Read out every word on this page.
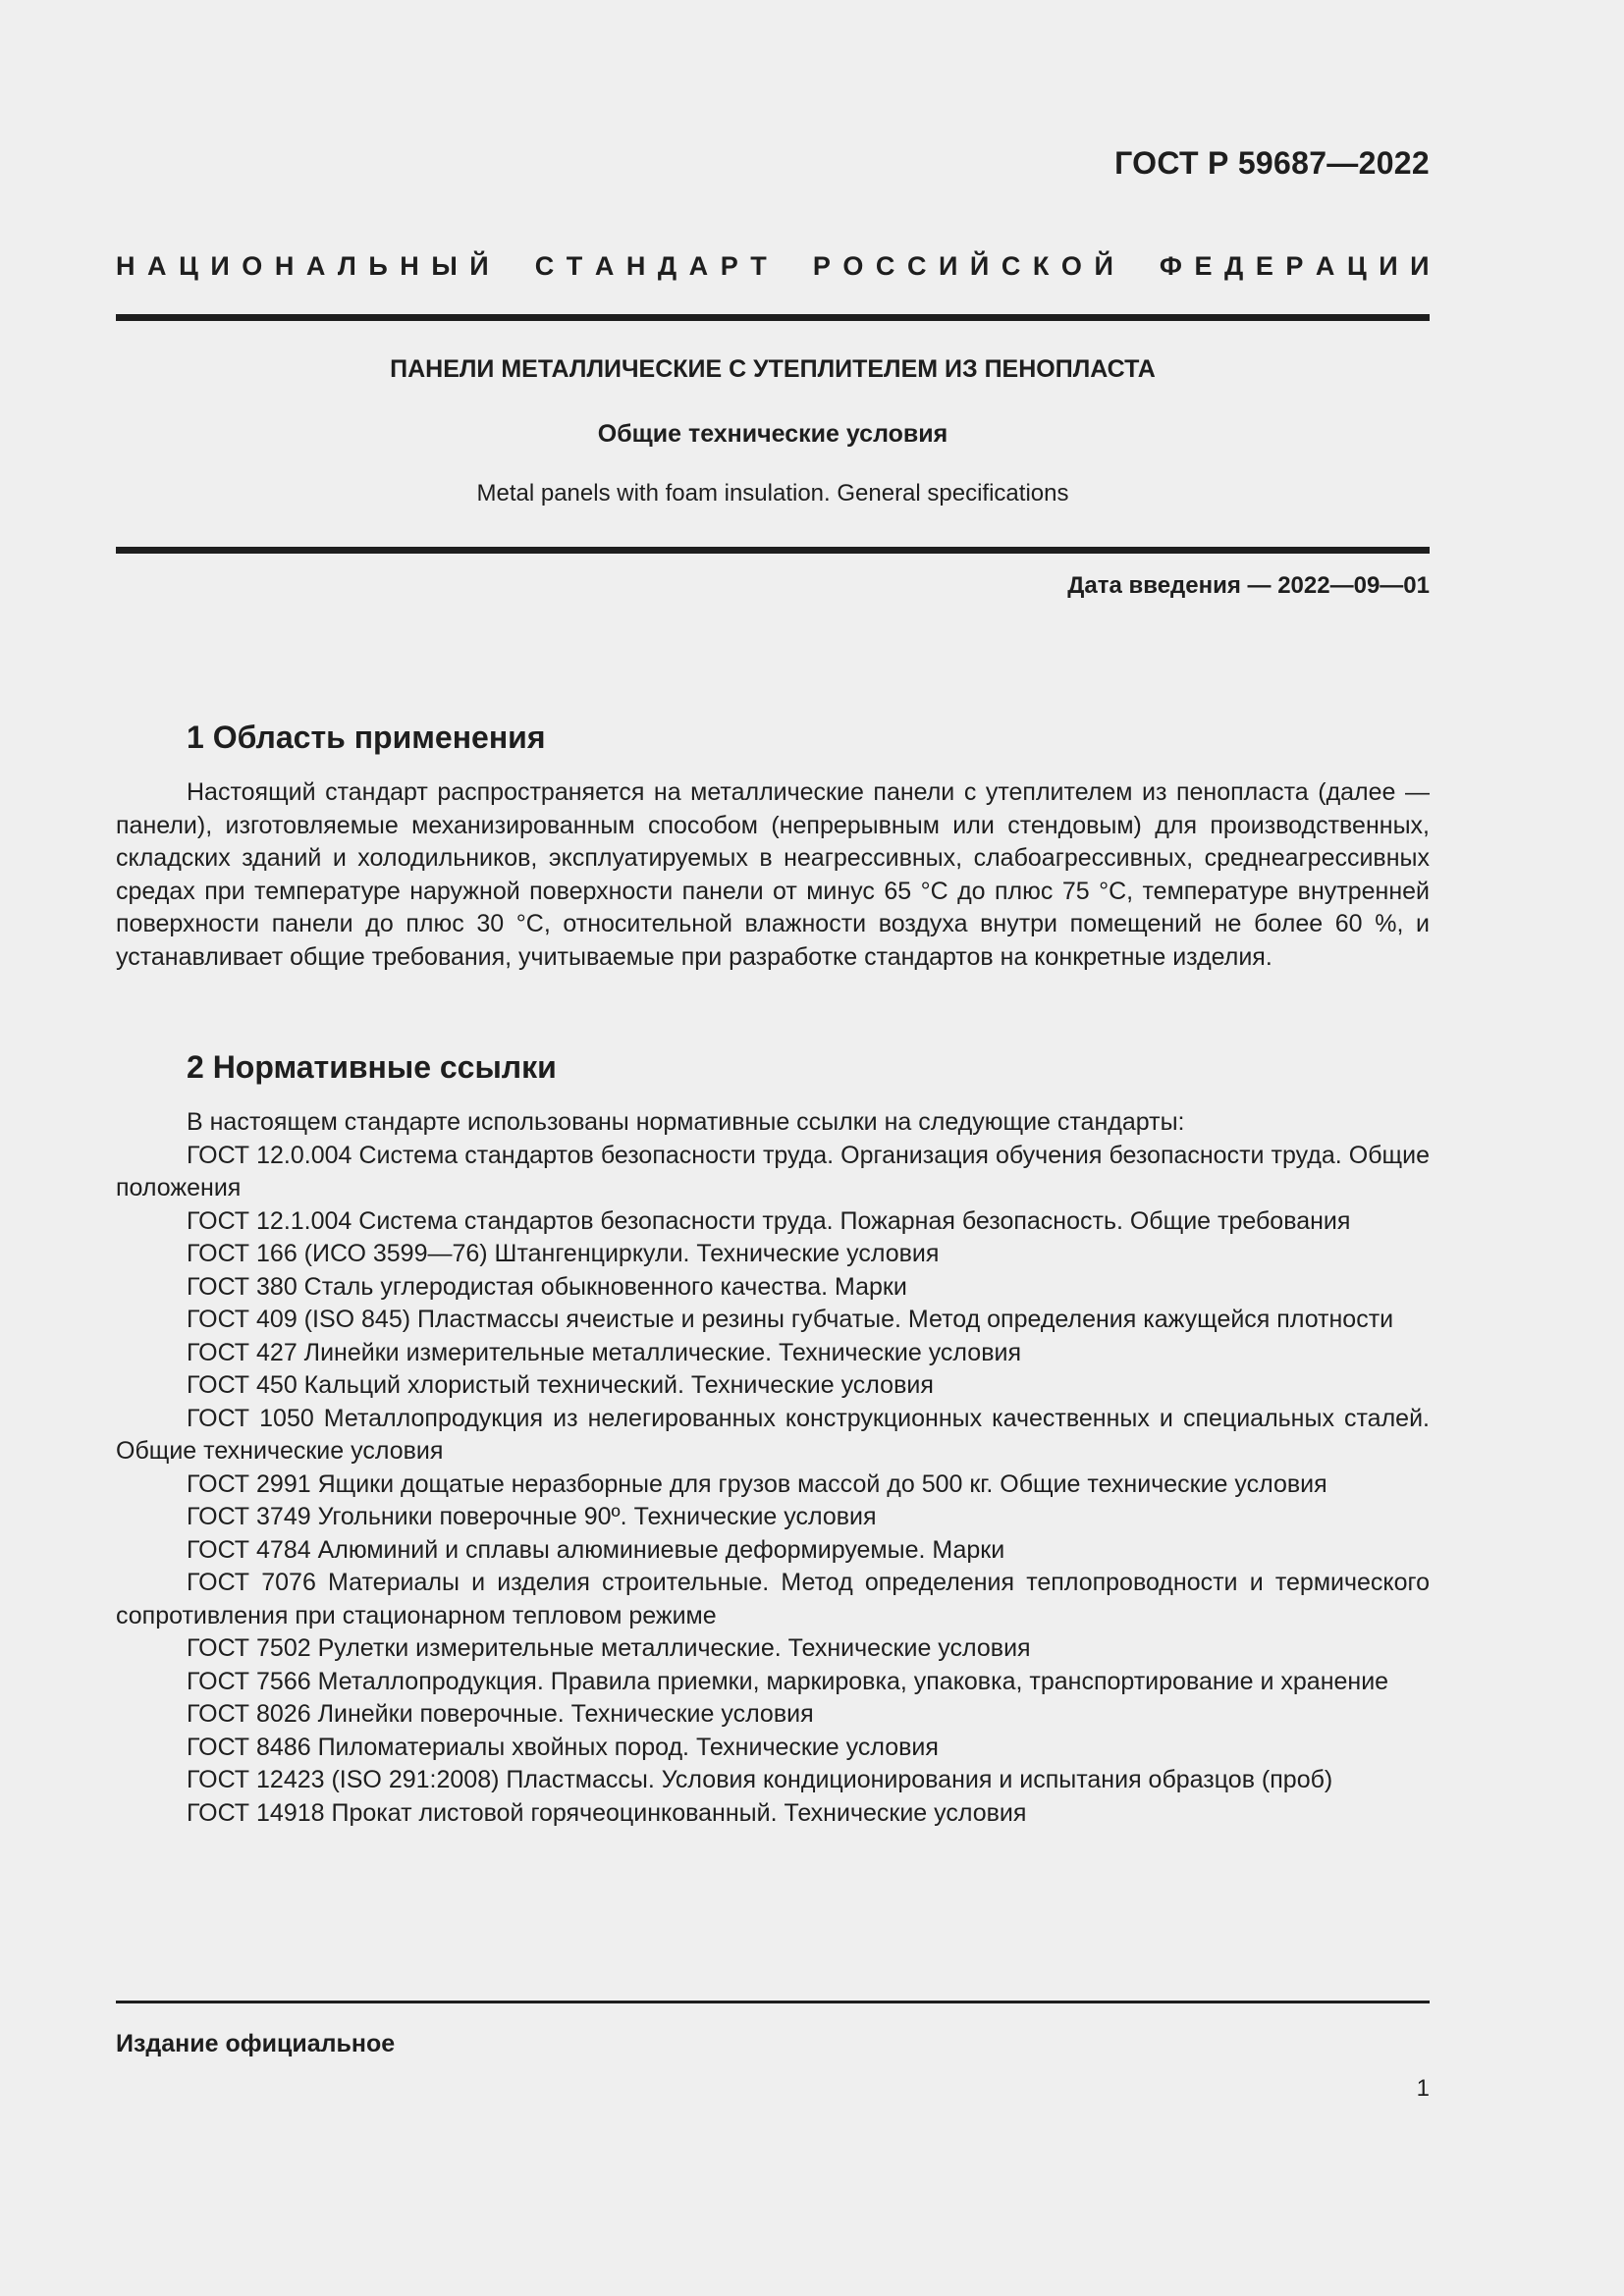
ГОСТ Р 59687—2022
Н А Ц И О Н А Л Ь Н Ы Й С Т А Н Д А Р Т Р О С С И Й С К О Й Ф Е Д Е Р А Ц И И
ПАНЕЛИ МЕТАЛЛИЧЕСКИЕ С УТЕПЛИТЕЛЕМ ИЗ ПЕНОПЛАСТА
Общие технические условия
Metal panels with foam insulation. General specifications
Дата введения — 2022—09—01
1 Область применения

Настоящий стандарт распространяется на металлические панели с утеплителем из пенопласта (далее — панели), изготовляемые механизированным способом (непрерывным или стендовым) для производственных, складских зданий и холодильников, эксплуатируемых в неагрессивных, слабоагрессивных, среднеагрессивных средах при температуре наружной поверхности панели от минус 65 °С до плюс 75 °С, температуре внутренней поверхности панели до плюс 30 °С, относительной влажности воздуха внутри помещений не более 60 %, и устанавливает общие требования, учитываемые при разработке стандартов на конкретные изделия.

2 Нормативные ссылки

В настоящем стандарте использованы нормативные ссылки на следующие стандарты:

ГОСТ 12.0.004 Система стандартов безопасности труда. Организация обучения безопасности труда. Общие положения

ГОСТ 12.1.004 Система стандартов безопасности труда. Пожарная безопасность. Общие требования

ГОСТ 166 (ИСО 3599—76) Штангенциркули. Технические условия

ГОСТ 380 Сталь углеродистая обыкновенного качества. Марки

ГОСТ 409 (ISO 845) Пластмассы ячеистые и резины губчатые. Метод определения кажущейся плотности

ГОСТ 427 Линейки измерительные металлические. Технические условия

ГОСТ 450 Кальций хлористый технический. Технические условия

ГОСТ 1050 Металлопродукция из нелегированных конструкционных качественных и специальных сталей. Общие технические условия

ГОСТ 2991 Ящики дощатые неразборные для грузов массой до 500 кг. Общие технические условия

ГОСТ 3749 Угольники поверочные 90º. Технические условия

ГОСТ 4784 Алюминий и сплавы алюминиевые деформируемые. Марки

ГОСТ 7076 Материалы и изделия строительные. Метод определения теплопроводности и термического сопротивления при стационарном тепловом режиме

ГОСТ 7502 Рулетки измерительные металлические. Технические условия

ГОСТ 7566 Металлопродукция. Правила приемки, маркировка, упаковка, транспортирование и хранение

ГОСТ 8026 Линейки поверочные. Технические условия

ГОСТ 8486 Пиломатериалы хвойных пород. Технические условия

ГОСТ 12423 (ISO 291:2008) Пластмассы. Условия кондиционирования и испытания образцов (проб)

ГОСТ 14918 Прокат листовой горячеоцинкованный. Технические условия

Издание официальное
1
